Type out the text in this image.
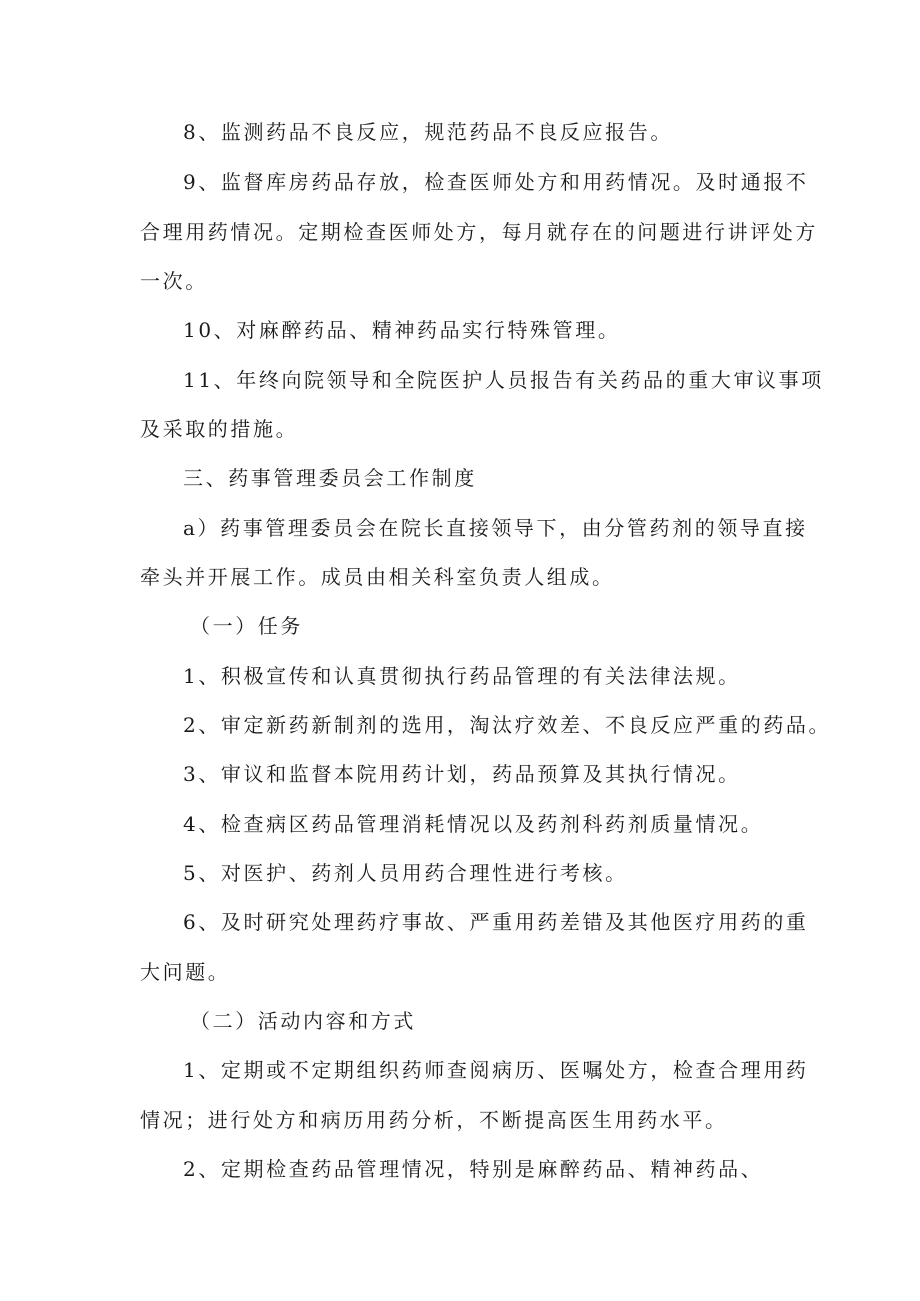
8、监测药品不良反应，规范药品不良反应报告。

9、监督库房药品存放，检查医师处方和用药情况。及时通报不

合理用药情况。定期检查医师处方，每月就存在的问题进行讲评处方

一次。

10、对麻醉药品、精神药品实行特殊管理。

11、年终向院领导和全院医护人员报告有关药品的重大审议事项

及采取的措施。

三、药事管理委员会工作制度

a）药事管理委员会在院长直接领导下，由分管药剂的领导直接

牵头并开展工作。成员由相关科室负责人组成。

（一）任务

1、积极宣传和认真贯彻执行药品管理的有关法律法规。

2、审定新药新制剂的选用，淘汰疗效差、不良反应严重的药品。

3、审议和监督本院用药计划，药品预算及其执行情况。

4、检查病区药品管理消耗情况以及药剂科药剂质量情况。

5、对医护、药剂人员用药合理性进行考核。

6、及时研究处理药疗事故、严重用药差错及其他医疗用药的重

大问题。

（二）活动内容和方式

1、定期或不定期组织药师查阅病历、医嘱处方，检查合理用药

情况；进行处方和病历用药分析，不断提高医生用药水平。

2、定期检查药品管理情况，特别是麻醉药品、精神药品、
